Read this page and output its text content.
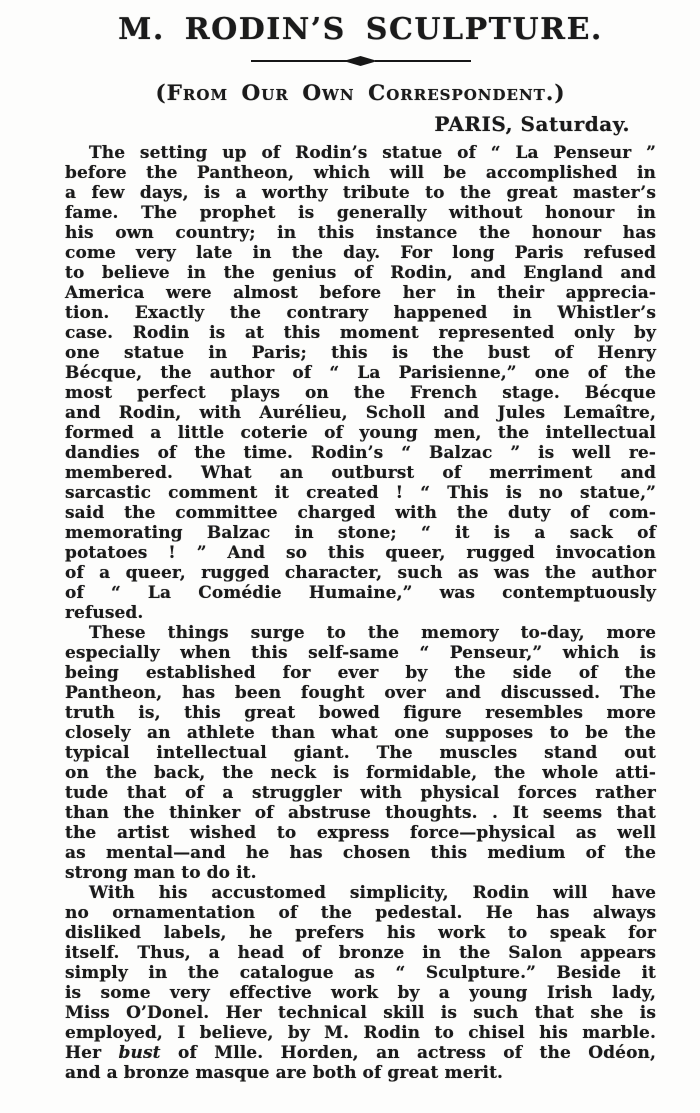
M. RODIN’S SCULPTURE.
(From Our Own Correspondent.)
PARIS, Saturday.
The setting up of Rodin’s statue of “ La Penseur ”
before the Pantheon, which will be accomplished in
a few days, is a worthy tribute to the great master’s
fame. The prophet is generally without honour in
his own country; in this instance the honour has
come very late in the day. For long Paris refused
to believe in the genius of Rodin, and England and
America were almost before her in their apprecia-
tion. Exactly the contrary happened in Whistler’s
case. Rodin is at this moment represented only by
one statue in Paris; this is the bust of Henry
Bécque, the author of “ La Parisienne,” one of the
most perfect plays on the French stage. Bécque
and Rodin, with Aurélieu, Scholl and Jules Lemaître,
formed a little coterie of young men, the intellectual
dandies of the time. Rodin’s “ Balzac ” is well re-
membered. What an outburst of merriment and
sarcastic comment it created ! “ This is no statue,”
said the committee charged with the duty of com-
memorating Balzac in stone; “ it is a sack of
potatoes ! ” And so this queer, rugged invocation
of a queer, rugged character, such as was the author
of “ La Comédie Humaine,” was contemptuously
refused.
These things surge to the memory to-day, more
especially when this self-same “ Penseur,” which is
being established for ever by the side of the
Pantheon, has been fought over and discussed. The
truth is, this great bowed figure resembles more
closely an athlete than what one supposes to be the
typical intellectual giant. The muscles stand out
on the back, the neck is formidable, the whole atti-
tude that of a struggler with physical forces rather
than the thinker of abstruse thoughts. . It seems that
the artist wished to express force—physical as well
as mental—and he has chosen this medium of the
strong man to do it.
With his accustomed simplicity, Rodin will have
no ornamentation of the pedestal. He has always
disliked labels, he prefers his work to speak for
itself. Thus, a head of bronze in the Salon appears
simply in the catalogue as “ Sculpture.” Beside it
is some very effective work by a young Irish lady,
Miss O’Donel. Her technical skill is such that she is
employed, I believe, by M. Rodin to chisel his marble.
Her bust of Mlle. Horden, an actress of the Odéon,
and a bronze masque are both of great merit.
